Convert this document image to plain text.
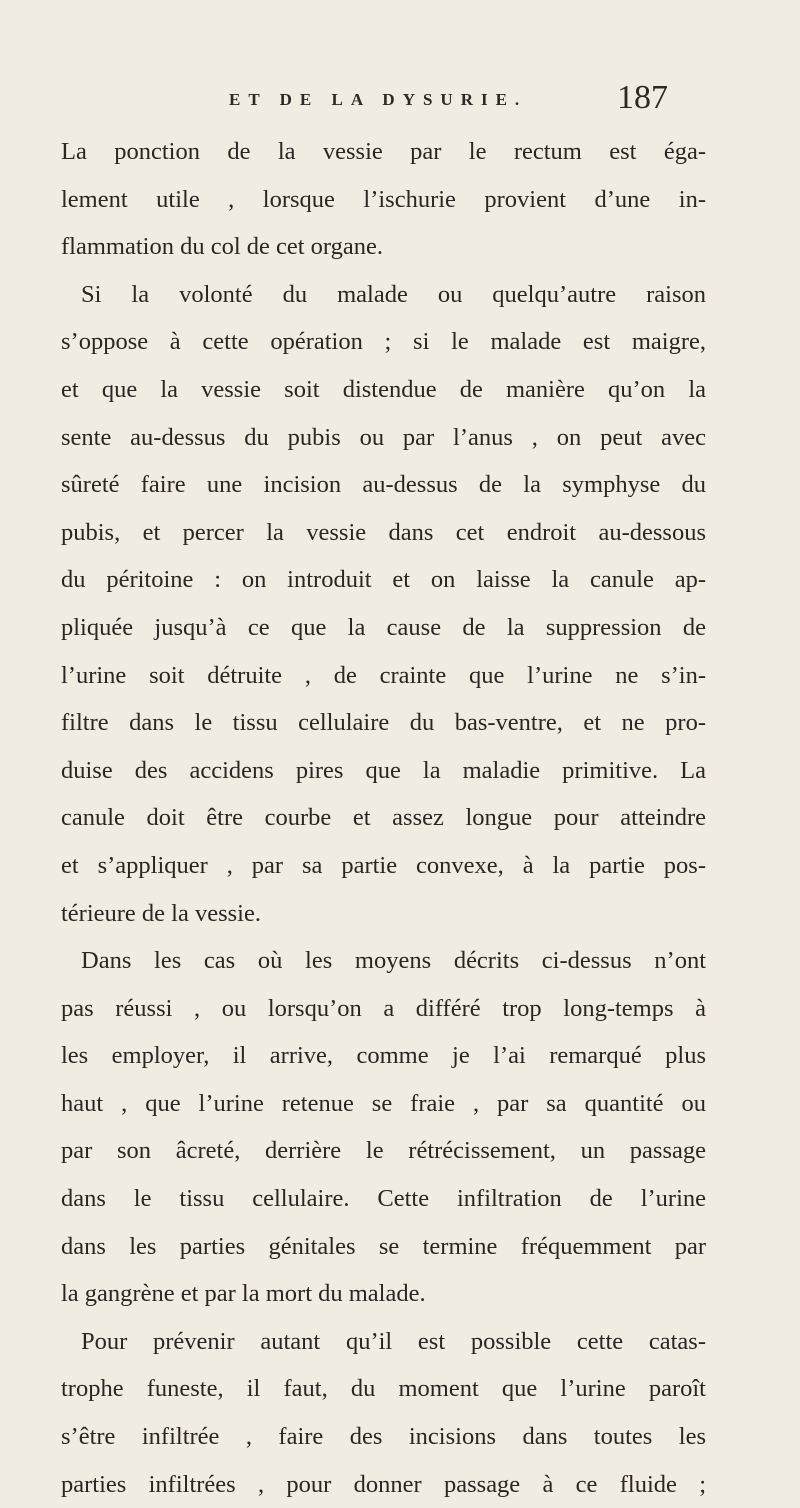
ET DE LA DYSURIE.	187
La ponction de la vessie par le rectum est éga-
lement utile , lorsque l’ischurie provient d’une in-
flammation du col de cet organe.
Si la volonté du malade ou quelqu’autre raison
s’oppose à cette opération ; si le malade est maigre,
et que la vessie soit distendue de manière qu’on la
sente au-dessus du pubis ou par l’anus , on peut avec
sûreté faire une incision au-dessus de la symphyse du
pubis, et percer la vessie dans cet endroit au-dessous
du péritoine : on introduit et on laisse la canule ap-
pliquée jusqu’à ce que la cause de la suppression de
l’urine soit détruite , de crainte que l’urine ne s’in-
filtre dans le tissu cellulaire du bas-ventre, et ne pro-
duise des accidens pires que la maladie primitive. La
canule doit être courbe et assez longue pour atteindre
et s’appliquer , par sa partie convexe, à la partie pos-
térieure de la vessie.
Dans les cas où les moyens décrits ci-dessus n’ont
pas réussi , ou lorsqu’on a différé trop long-temps à
les employer, il arrive, comme je l’ai remarqué plus
haut , que l’urine retenue se fraie , par sa quantité ou
par son âcreté, derrière le rétrécissement, un passage
dans le tissu cellulaire. Cette infiltration de l’urine
dans les parties génitales se termine fréquemment par
la gangrène et par la mort du malade.
Pour prévenir autant qu’il est possible cette catas-
trophe funeste, il faut, du moment que l’urine paroît
s’être infiltrée , faire des incisions dans toutes les
parties infiltrées , pour donner passage à ce fluide ;
